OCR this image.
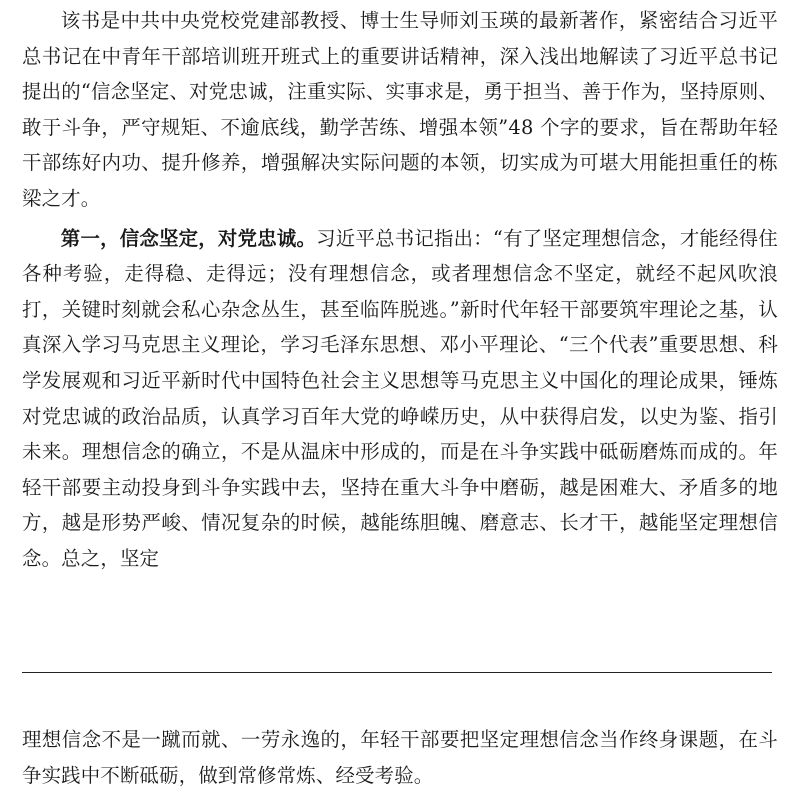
该书是中共中央党校党建部教授、博士生导师刘玉瑛的最新著作，紧密结合习近平总书记在中青年干部培训班开班式上的重要讲话精神，深入浅出地解读了习近平总书记提出的“信念坚定、对党忠诚，注重实际、实事求是，勇于担当、善于作为，坚持原则、敢于斗争，严守规矩、不逾底线，勤学苦练、增强本领”48 个字的要求，旨在帮助年轻干部练好内功、提升修养，增强解决实际问题的本领，切实成为可堪大用能担重任的栋梁之才。

第一，信念坚定，对党忠诚。习近平总书记指出：“有了坚定理想信念，才能经得住各种考验，走得稳、走得远；没有理想信念，或者理想信念不坚定，就经不起风吹浪打，关键时刻就会私心杂念丛生，甚至临阵脱逃。”新时代年轻干部要筑牢理论之基，认真深入学习马克思主义理论，学习毛泽东思想、邓小平理论、“三个代表”重要思想、科学发展观和习近平新时代中国特色社会主义思想等马克思主义中国化的理论成果，锤炼对党忠诚的政治品质，认真学习百年大党的峥嵘历史，从中获得启发，以史为鉴、指引未来。理想信念的确立，不是从温床中形成的，而是在斗争实践中砥砺磨炼而成的。年轻干部要主动投身到斗争实践中去，坚持在重大斗争中磨砺，越是困难大、矛盾多的地方，越是形势严峻、情况复杂的时候，越能练胆魄、磨意志、长才干，越能坚定理想信念。总之，坚定

理想信念不是一蹴而就、一劳永逸的，年轻干部要把坚定理想信念当作终身课题，在斗争实践中不断砥砺，做到常修常炼、经受考验。
